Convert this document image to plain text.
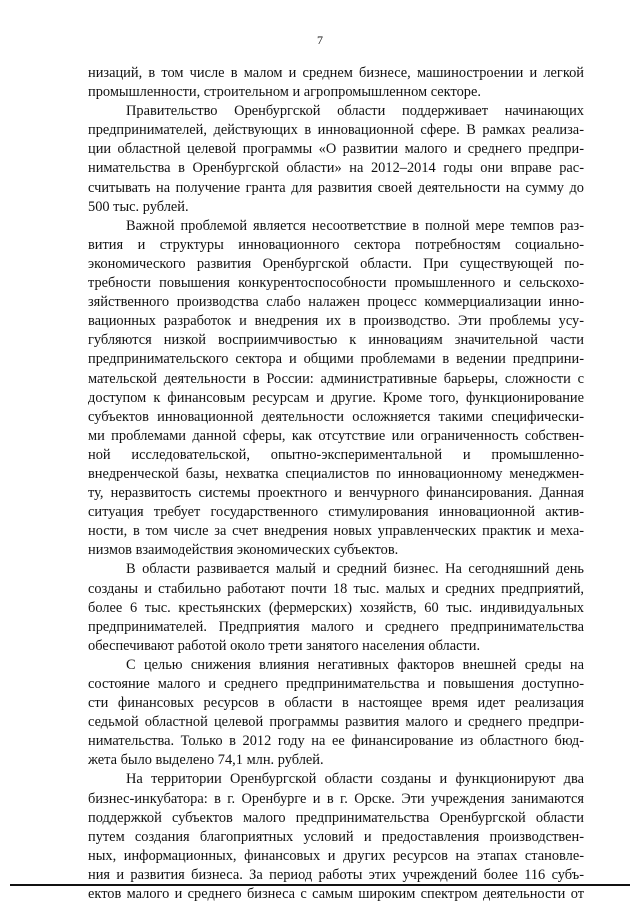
7
низаций, в том числе в малом и среднем бизнесе, машиностроении и легкой
промышленности, строительном и агропромышленном секторе.
Правительство Оренбургской области поддерживает начинающих
предпринимателей, действующих в инновационной сфере. В рамках реализа-
ции областной целевой программы «О развитии малого и среднего предпри-
нимательства в Оренбургской области» на 2012–2014 годы они вправе рас-
считывать на получение гранта для развития своей деятельности на сумму до
500 тыс. рублей.
Важной проблемой является несоответствие в полной мере темпов раз-
вития и структуры инновационного сектора потребностям социально-
экономического развития Оренбургской области. При существующей по-
требности повышения конкурентоспособности промышленного и сельскохо-
зяйственного производства слабо налажен процесс коммерциализации инно-
вационных разработок и внедрения их в производство. Эти проблемы усу-
губляются низкой восприимчивостью к инновациям значительной части
предпринимательского сектора и общими проблемами в ведении предприни-
мательской деятельности в России: административные барьеры, сложности с
доступом к финансовым ресурсам и другие. Кроме того, функционирование
субъектов инновационной деятельности осложняется такими специфически-
ми проблемами данной сферы, как отсутствие или ограниченность собствен-
ной исследовательской, опытно-экспериментальной и промышленно-
внедренческой базы, нехватка специалистов по инновационному менеджмен-
ту, неразвитость системы проектного и венчурного финансирования. Данная
ситуация требует государственного стимулирования инновационной актив-
ности, в том числе за счет внедрения новых управленческих практик и меха-
низмов взаимодействия экономических субъектов.
В области развивается малый и средний бизнес. На сегодняшний день
созданы и стабильно работают почти 18 тыс. малых и средних предприятий,
более 6 тыс. крестьянских (фермерских) хозяйств, 60 тыс. индивидуальных
предпринимателей. Предприятия малого и среднего предпринимательства
обеспечивают работой около трети занятого населения области.
С целью снижения влияния негативных факторов внешней среды на
состояние малого и среднего предпринимательства и повышения доступно-
сти финансовых ресурсов в области в настоящее время идет реализация
седьмой областной целевой программы развития малого и среднего предпри-
нимательства. Только в 2012 году на ее финансирование из областного бюд-
жета было выделено 74,1 млн. рублей.
На территории Оренбургской области созданы и функционируют два
бизнес-инкубатора: в г. Оренбурге и в г. Орске. Эти учреждения занимаются
поддержкой субъектов малого предпринимательства Оренбургской области
путем создания благоприятных условий и предоставления производствен-
ных, информационных, финансовых и других ресурсов на этапах становле-
ния и развития бизнеса. За период работы этих учреждений более 116 субъ-
ектов малого и среднего бизнеса с самым широким спектром деятельности от
